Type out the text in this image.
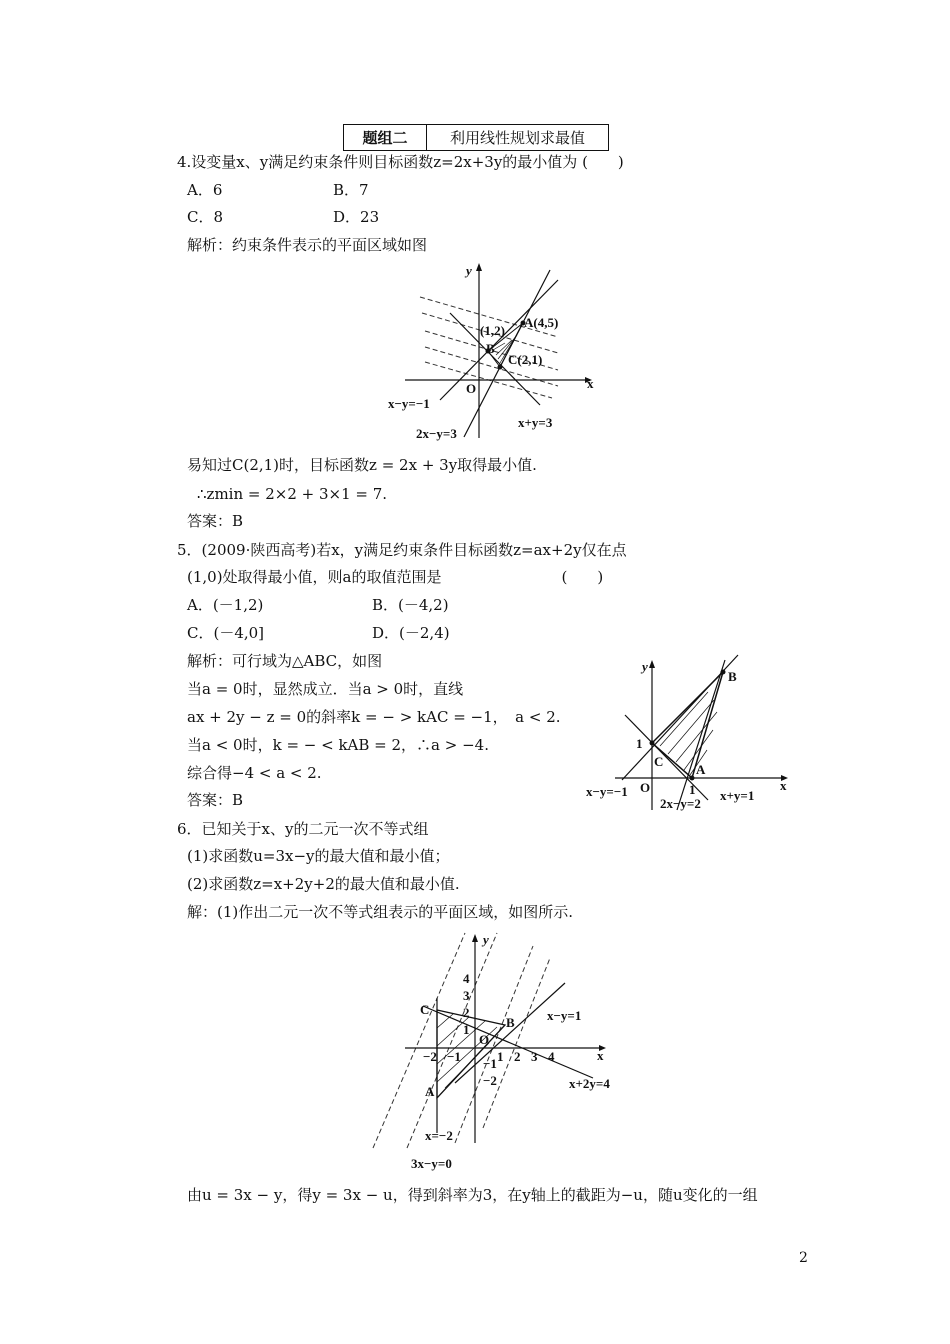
题组二	利用线性规划求最值
4.设变量x、y满足约束条件则目标函数z=2x+3y的最小值为 (　　)
A．6	B．7
C．8	D．23
解析：约束条件表示的平面区域如图
y
x
O
A(4,5)
(1,2)
B
C(2,1)
x−y=−1
2x−y=3
x+y=3
易知过C(2,1)时，目标函数z = 2x + 3y取得最小值.
∴zmin = 2×2 + 3×1 = 7.
答案：B
5．(2009·陕西高考)若x，y满足约束条件目标函数z=ax+2y仅在点
(1,0)处取得最小值，则a的取值范围是　　　　　　　　(　　)
A．(－1,2)	B．(－4,2)
C．(－4,0]	D．(－2,4)
解析：可行域为△ABC，如图
当a = 0时，显然成立．当a > 0时，直线
ax + 2y − z = 0的斜率k = − > kAC = −1，　a < 2.
当a < 0时，k = − < kAB = 2，∴a > −4.
综合得−4 < a < 2.
答案：B
y
x
O
1
1
B
C
A
x−y=−1
2x−y=2
x+y=1
6．已知关于x、y的二元一次不等式组
(1)求函数u=3x−y的最大值和最小值；
(2)求函数z=x+2y+2的最大值和最小值.
解：(1)作出二元一次不等式组表示的平面区域，如图所示.
y
x
O
C
B
A
x−y=1
x+2y=4
x=−2
3x−y=0
−2 −1	1 2 3 4
4
3
2
1
−1
−2
由u = 3x − y，得y = 3x − u，得到斜率为3，在y轴上的截距为−u，随u变化的一组
2
